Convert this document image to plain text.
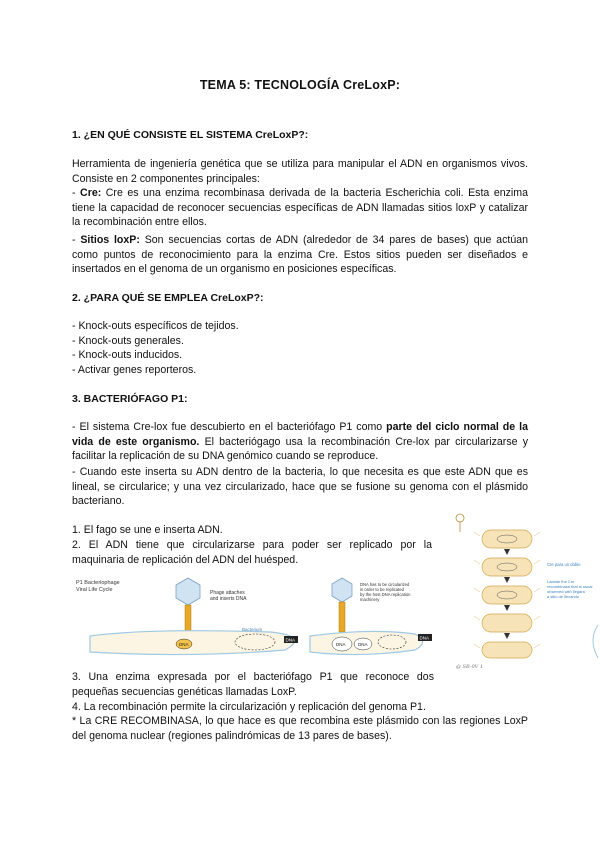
TEMA 5: TECNOLOGÍA CreLoxP:
1. ¿EN QUÉ CONSISTE EL SISTEMA CreLoxP?:
Herramienta de ingeniería genética que se utiliza para manipular el ADN en organismos vivos. Consiste en 2 componentes principales:
- Cre: Cre es una enzima recombinasa derivada de la bacteria Escherichia coli. Esta enzima tiene la capacidad de reconocer secuencias específicas de ADN llamadas sitios loxP y catalizar la recombinación entre ellos.
- Sitios loxP: Son secuencias cortas de ADN (alrededor de 34 pares de bases) que actúan como puntos de reconocimiento para la enzima Cre. Estos sitios pueden ser diseñados e insertados en el genoma de un organismo en posiciones específicas.
2. ¿PARA QUÉ SE EMPLEA CreLoxP?:
- Knock-outs específicos de tejidos.
- Knock-outs generales.
- Knock-outs inducidos.
- Activar genes reporteros.
3. BACTERIÓFAGO P1:
- El sistema Cre-lox fue descubierto en el bacteriófago P1 como parte del ciclo normal de la vida de este organismo. El bacteriógago usa la recombinación Cre-lox par circularizarse y facilitar la replicación de su DNA genómico cuando se reproduce.
- Cuando este inserta su ADN dentro de la bacteria, lo que necesita es que este ADN que es lineal, se circularice; y una vez circularizado, hace que se fusione su genoma con el plásmido bacteriano.
1. El fago se une e inserta ADN.
2. El ADN tiene que circularizarse para poder ser replicado por la maquinaria de replicación del ADN del huésped.
3. Una enzima expresada por el bacteriófago P1 que reconoce dos pequeñas secuencias genéticas llamadas LoxP.
4. La recombinación permite la circularización y replicación del genoma P1.
* La CRE RECOMBINASA, lo que hace es que recombina este plásmido con las regiones LoxP del genoma nuclear (regiones palindrómicas de 13 pares de bases).
P1 Bacteriophage
Viral Life Cycle	Phage attaches
and inserts DNA
DNA
Bacterium
DNA
DNA has to be circularized
in order to be replicated
by the host DNA replication
machinery
DNA	DNA
DNA
Cre para un doble
Lactate the Cre
recombinasa that is usual
observed with llegara
a sitio de llevando
@ SB-0V 1
